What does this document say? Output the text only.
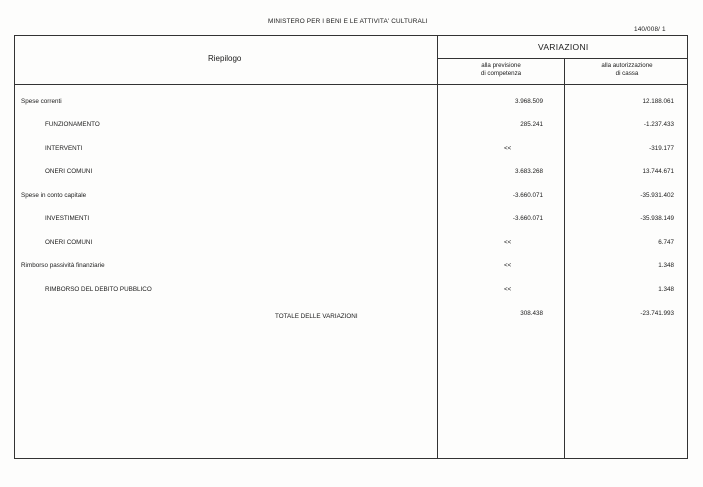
MINISTERO PER I BENI E LE ATTIVITA' CULTURALI
140/008/ 1
Riepilogo
VARIAZIONI
alla previsione
di competenza
alla autorizzazione
di cassa
Spese correnti	3.968.509	12.188.061
FUNZIONAMENTO	285.241	-1.237.433
INTERVENTI	<<	-319.177
ONERI COMUNI	3.683.268	13.744.671
Spese in conto capitale	-3.660.071	-35.931.402
INVESTIMENTI	-3.660.071	-35.938.149
ONERI COMUNI	<<	6.747
Rimborso passività finanziarie	<<	1.348
RIMBORSO DEL DEBITO PUBBLICO	<<	1.348
TOTALE DELLE VARIAZIONI	308.438	-23.741.993
